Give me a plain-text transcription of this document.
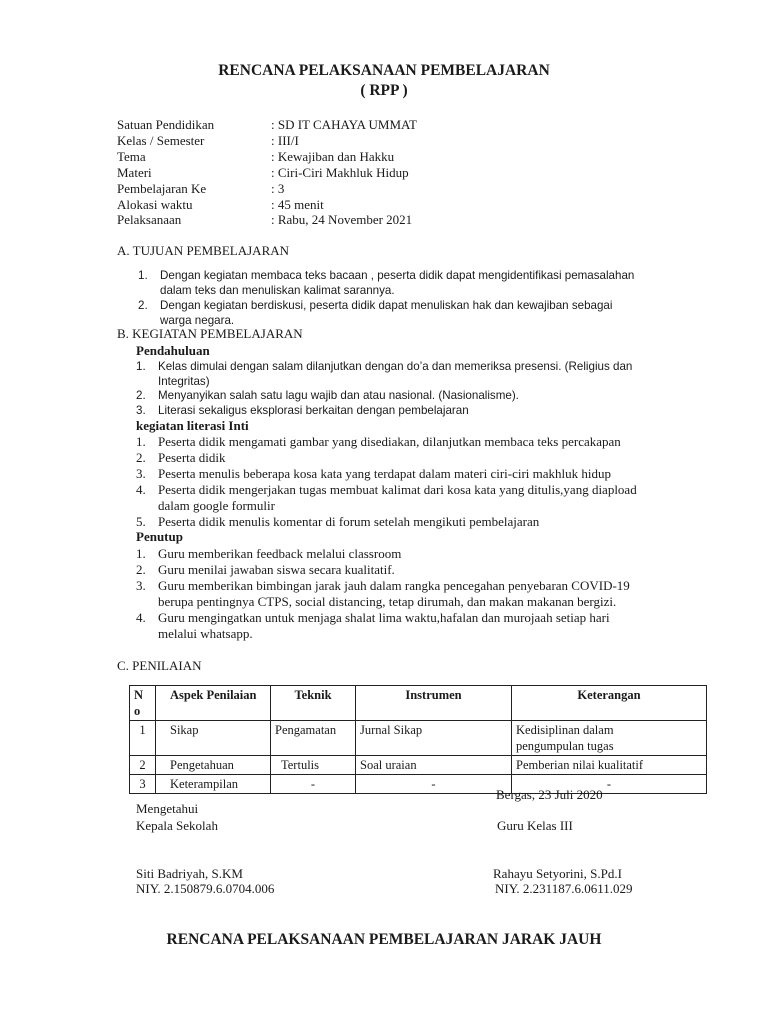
RENCANA PELAKSANAAN PEMBELAJARAN
( RPP )
Satuan Pendidikan	: SD IT CAHAYA UMMAT
Kelas / Semester	: III/I
Tema	: Kewajiban dan Hakku
Materi	: Ciri-Ciri Makhluk Hidup
Pembelajaran Ke	: 3
Alokasi waktu	: 45 menit
Pelaksanaan	: Rabu, 24 November 2021
A. TUJUAN PEMBELAJARAN
1. Dengan kegiatan membaca teks bacaan , peserta didik dapat mengidentifikasi pemasalahan
dalam teks dan menuliskan kalimat sarannya.
2. Dengan kegiatan berdiskusi, peserta didik dapat menuliskan hak dan kewajiban sebagai
warga negara.
B. KEGIATAN PEMBELAJARAN
Pendahuluan
1. Kelas dimulai dengan salam dilanjutkan dengan do’a dan memeriksa presensi. (Religius dan
Integritas)
2. Menyanyikan salah satu lagu wajib dan atau nasional. (Nasionalisme).
3. Literasi sekaligus eksplorasi berkaitan dengan pembelajaran
kegiatan literasi Inti
1. Peserta didik mengamati gambar yang disediakan, dilanjutkan membaca teks percakapan
2. Peserta didik
3. Peserta menulis beberapa kosa kata yang terdapat dalam materi ciri-ciri makhluk hidup
4. Peserta didik mengerjakan tugas membuat kalimat dari kosa kata yang ditulis,yang diapload
dalam google formulir
5. Peserta didik menulis komentar di forum setelah mengikuti pembelajaran
Penutup
1. Guru memberikan feedback melalui classroom
2. Guru menilai jawaban siswa secara kualitatif.
3. Guru memberikan bimbingan jarak jauh dalam rangka pencegahan penyebaran COVID-19
berupa pentingnya CTPS, social distancing, tetap dirumah, dan makan makanan bergizi.
4. Guru mengingatkan untuk menjaga shalat lima waktu,hafalan dan murojaah setiap hari
melalui whatsapp.
C. PENILAIAN
N
o	Aspek Penilaian	Teknik	Instrumen	Keterangan
1	Sikap	Pengamatan	Jurnal Sikap	Kedisiplinan dalam
pengumpulan tugas
2	Pengetahuan	Tertulis	Soal uraian	Pemberian nilai kualitatif
3	Keterampilan	-	-	-
Bergas, 23 Juli 2020
Mengetahui
Kepala Sekolah	Guru Kelas III
Siti Badriyah, S.KM	Rahayu Setyorini, S.Pd.I
NIY. 2.150879.6.0704.006	NIY. 2.231187.6.0611.029
RENCANA PELAKSANAAN PEMBELAJARAN JARAK JAUH
